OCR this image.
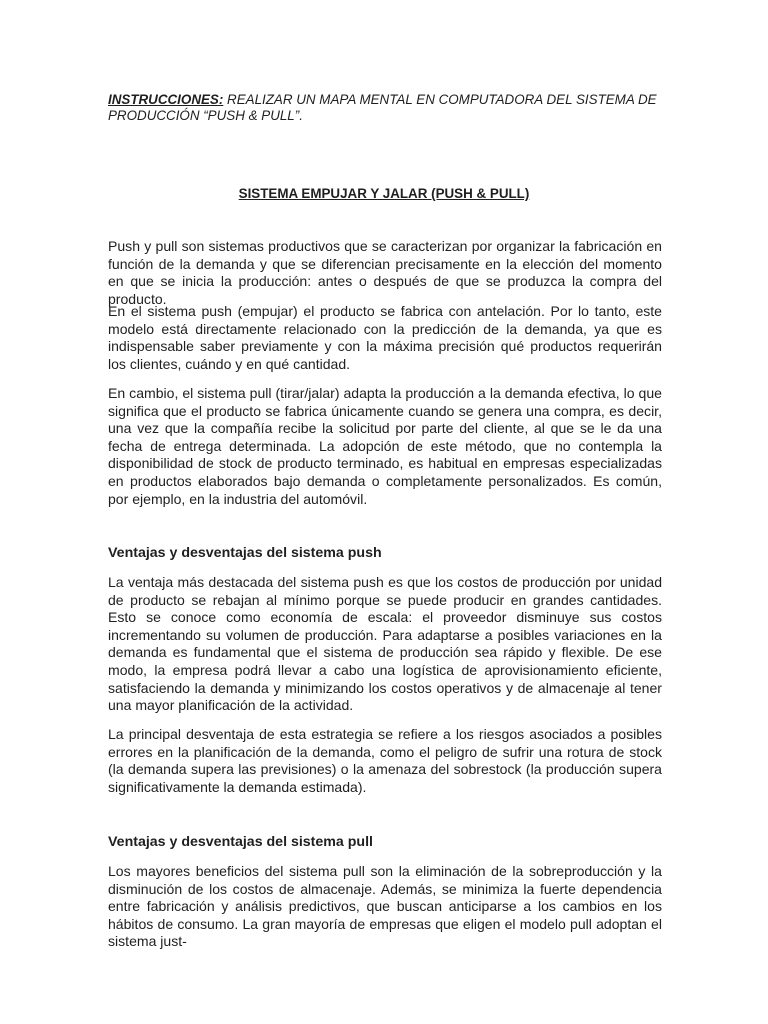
INSTRUCCIONES: REALIZAR UN MAPA MENTAL EN COMPUTADORA DEL SISTEMA DE PRODUCCIÓN “PUSH & PULL”.
SISTEMA EMPUJAR Y JALAR (PUSH & PULL)

Push y pull son sistemas productivos que se caracterizan por organizar la fabricación en función de la demanda y que se diferencian precisamente en la elección del momento en que se inicia la producción: antes o después de que se produzca la compra del producto.

En el sistema push (empujar) el producto se fabrica con antelación. Por lo tanto, este modelo está directamente relacionado con la predicción de la demanda, ya que es indispensable saber previamente y con la máxima precisión qué productos requerirán los clientes, cuándo y en qué cantidad.

En cambio, el sistema pull (tirar/jalar) adapta la producción a la demanda efectiva, lo que significa que el producto se fabrica únicamente cuando se genera una compra, es decir, una vez que la compañía recibe la solicitud por parte del cliente, al que se le da una fecha de entrega determinada. La adopción de este método, que no contempla la disponibilidad de stock de producto terminado, es habitual en empresas especializadas en productos elaborados bajo demanda o completamente personalizados. Es común, por ejemplo, en la industria del automóvil.

Ventajas y desventajas del sistema push

La ventaja más destacada del sistema push es que los costos de producción por unidad de producto se rebajan al mínimo porque se puede producir en grandes cantidades. Esto se conoce como economía de escala: el proveedor disminuye sus costos incrementando su volumen de producción. Para adaptarse a posibles variaciones en la demanda es fundamental que el sistema de producción sea rápido y flexible. De ese modo, la empresa podrá llevar a cabo una logística de aprovisionamiento eficiente, satisfaciendo la demanda y minimizando los costos operativos y de almacenaje al tener una mayor planificación de la actividad.

La principal desventaja de esta estrategia se refiere a los riesgos asociados a posibles errores en la planificación de la demanda, como el peligro de sufrir una rotura de stock (la demanda supera las previsiones) o la amenaza del sobrestock (la producción supera significativamente la demanda estimada).

Ventajas y desventajas del sistema pull

Los mayores beneficios del sistema pull son la eliminación de la sobreproducción y la disminución de los costos de almacenaje. Además, se minimiza la fuerte dependencia entre fabricación y análisis predictivos, que buscan anticiparse a los cambios en los hábitos de consumo. La gran mayoría de empresas que eligen el modelo pull adoptan el sistema just-
